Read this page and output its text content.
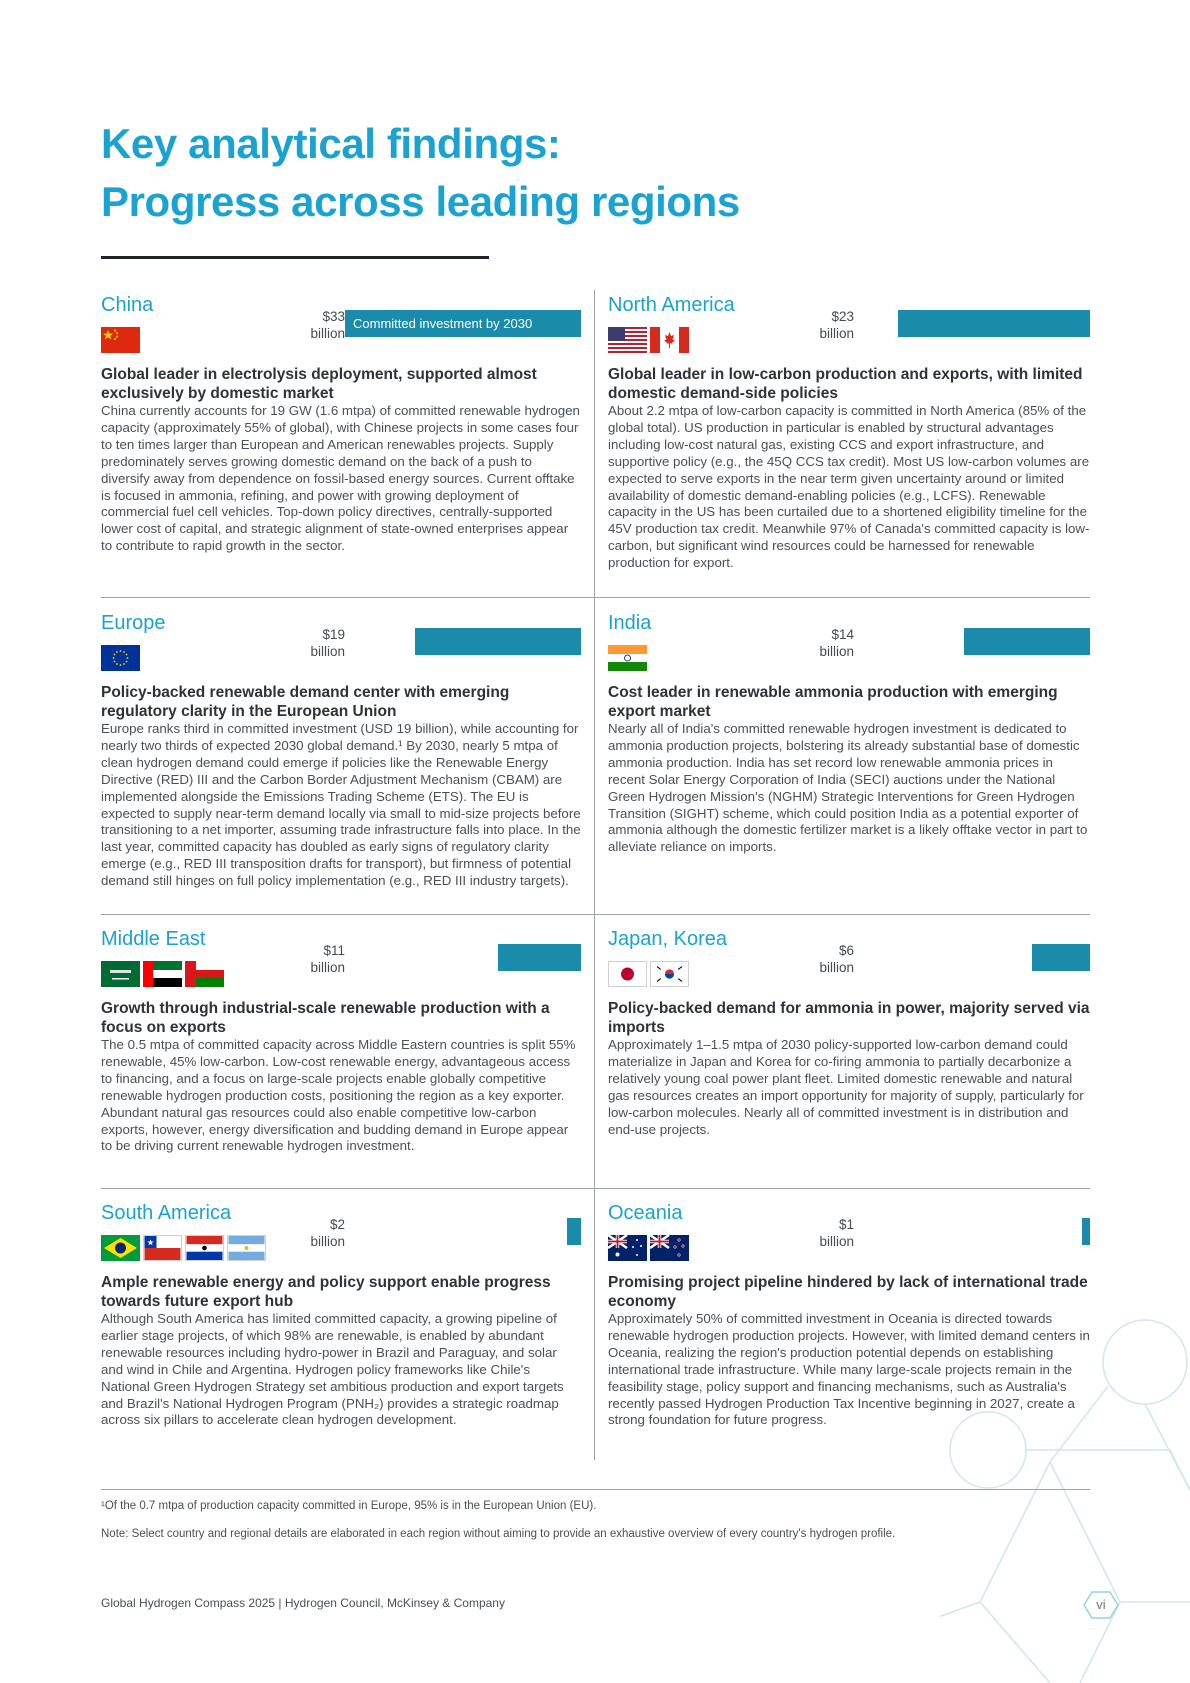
Key analytical findings:
Progress across leading regions
China
$33
billion
Committed investment by 2030
Global leader in electrolysis deployment, supported almost exclusively by domestic market

China currently accounts for 19 GW (1.6 mtpa) of committed renewable hydrogen capacity (approximately 55% of global), with Chinese projects in some cases four to ten times larger than European and American renewables projects. Supply predominately serves growing domestic demand on the back of a push to diversify away from dependence on fossil-based energy sources. Current offtake is focused in ammonia, refining, and power with growing deployment of commercial fuel cell vehicles. Top-down policy directives, centrally-supported lower cost of capital, and strategic alignment of state-owned enterprises appear to contribute to rapid growth in the sector.

North America
$23
billion
Global leader in low-carbon production and exports, with limited domestic demand-side policies

About 2.2 mtpa of low-carbon capacity is committed in North America (85% of the global total). US production in particular is enabled by structural advantages including low-cost natural gas, existing CCS and export infrastructure, and supportive policy (e.g., the 45Q CCS tax credit). Most US low-carbon volumes are expected to serve exports in the near term given uncertainty around or limited availability of domestic demand-enabling policies (e.g., LCFS). Renewable capacity in the US has been curtailed due to a shortened eligibility timeline for the 45V production tax credit. Meanwhile 97% of Canada's committed capacity is low-carbon, but significant wind resources could be harnessed for renewable production for export.

Europe
$19
billion
Policy-backed renewable demand center with emerging regulatory clarity in the European Union

Europe ranks third in committed investment (USD 19 billion), while accounting for nearly two thirds of expected 2030 global demand.¹ By 2030, nearly 5 mtpa of clean hydrogen demand could emerge if policies like the Renewable Energy Directive (RED) III and the Carbon Border Adjustment Mechanism (CBAM) are implemented alongside the Emissions Trading Scheme (ETS). The EU is expected to supply near-term demand locally via small to mid-size projects before transitioning to a net importer, assuming trade infrastructure falls into place. In the last year, committed capacity has doubled as early signs of regulatory clarity emerge (e.g., RED III transposition drafts for transport), but firmness of potential demand still hinges on full policy implementation (e.g., RED III industry targets).

India
$14
billion
Cost leader in renewable ammonia production with emerging export market

Nearly all of India's committed renewable hydrogen investment is dedicated to ammonia production projects, bolstering its already substantial base of domestic ammonia production. India has set record low renewable ammonia prices in recent Solar Energy Corporation of India (SECI) auctions under the National Green Hydrogen Mission's (NGHM) Strategic Interventions for Green Hydrogen Transition (SIGHT) scheme, which could position India as a potential exporter of ammonia although the domestic fertilizer market is a likely offtake vector in part to alleviate reliance on imports.

Middle East
$11
billion
Growth through industrial-scale renewable production with a focus on exports

The 0.5 mtpa of committed capacity across Middle Eastern countries is split 55% renewable, 45% low-carbon. Low-cost renewable energy, advantageous access to financing, and a focus on large-scale projects enable globally competitive renewable hydrogen production costs, positioning the region as a key exporter. Abundant natural gas resources could also enable competitive low-carbon exports, however, energy diversification and budding demand in Europe appear to be driving current renewable hydrogen investment.

Japan, Korea
$6
billion
Policy-backed demand for ammonia in power, majority served via imports

Approximately 1–1.5 mtpa of 2030 policy-supported low-carbon demand could materialize in Japan and Korea for co-firing ammonia to partially decarbonize a relatively young coal power plant fleet. Limited domestic renewable and natural gas resources creates an import opportunity for majority of supply, particularly for low-carbon molecules. Nearly all of committed investment is in distribution and end-use projects.

South America
$2
billion
Ample renewable energy and policy support enable progress towards future export hub

Although South America has limited committed capacity, a growing pipeline of earlier stage projects, of which 98% are renewable, is enabled by abundant renewable resources including hydro-power in Brazil and Paraguay, and solar and wind in Chile and Argentina. Hydrogen policy frameworks like Chile's National Green Hydrogen Strategy set ambitious production and export targets and Brazil's National Hydrogen Program (PNH₂) provides a strategic roadmap across six pillars to accelerate clean hydrogen development.

Oceania
$1
billion
Promising project pipeline hindered by lack of international trade economy

Approximately 50% of committed investment in Oceania is directed towards renewable hydrogen production projects. However, with limited demand centers in Oceania, realizing the region's production potential depends on establishing international trade infrastructure. While many large-scale projects remain in the feasibility stage, policy support and financing mechanisms, such as Australia's recently passed Hydrogen Production Tax Incentive beginning in 2027, create a strong foundation for future progress.

¹Of the 0.7 mtpa of production capacity committed in Europe, 95% is in the European Union (EU).
Note: Select country and regional details are elaborated in each region without aiming to provide an exhaustive overview of every country's hydrogen profile.
Global Hydrogen Compass 2025 | Hydrogen Council, McKinsey & Company	vi
